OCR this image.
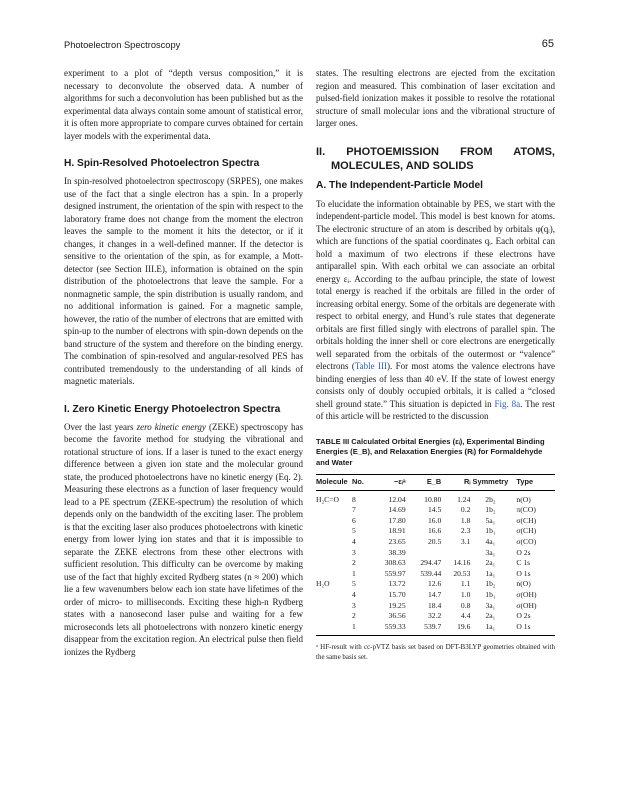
Photoelectron Spectroscopy	65

experiment to a plot of “depth versus composition,” it is necessary to deconvolute the observed data. A number of algorithms for such a deconvolution has been published but as the experimental data always contain some amount of statistical error, it is often more appropriate to compare curves obtained for certain layer models with the experimental data.

H. Spin-Resolved Photoelectron Spectra

In spin-resolved photoelectron spectroscopy (SRPES), one makes use of the fact that a single electron has a spin. In a properly designed instrument, the orientation of the spin with respect to the laboratory frame does not change from the moment the electron leaves the sample to the moment it hits the detector, or if it changes, it changes in a well-defined manner. If the detector is sensitive to the orientation of the spin, as for example, a Mott-detector (see Section III.E), information is obtained on the spin distribution of the photoelectrons that leave the sample. For a nonmagnetic sample, the spin distribution is usually random, and no additional information is gained. For a magnetic sample, however, the ratio of the number of electrons that are emitted with spin-up to the number of electrons with spin-down depends on the band structure of the system and therefore on the binding energy. The combination of spin-resolved and angular-resolved PES has contributed tremendously to the understanding of all kinds of magnetic materials.

I. Zero Kinetic Energy Photoelectron Spectra

Over the last years zero kinetic energy (ZEKE) spectroscopy has become the favorite method for studying the vibrational and rotational structure of ions. If a laser is tuned to the exact energy difference between a given ion state and the molecular ground state, the produced photoelectrons have no kinetic energy (Eq. 2). Measuring these electrons as a function of laser frequency would lead to a PE spectrum (ZEKE-spectrum) the resolution of which depends only on the bandwidth of the exciting laser. The problem is that the exciting laser also produces photoelectrons with kinetic energy from lower lying ion states and that it is impossible to separate the ZEKE electrons from these other electrons with sufficient resolution. This difficulty can be overcome by making use of the fact that highly excited Rydberg states (n ≈ 200) which lie a few wavenumbers below each ion state have lifetimes of the order of micro- to milliseconds. Exciting these high-n Rydberg states with a nanosecond laser pulse and waiting for a few microseconds lets all photoelectrons with nonzero kinetic energy disappear from the excitation region. An electrical pulse then field ionizes the Rydberg

states. The resulting electrons are ejected from the excitation region and measured. This combination of laser excitation and pulsed-field ionization makes it possible to resolve the rotational structure of small molecular ions and the vibrational structure of larger ones.

II. PHOTOEMISSION FROM ATOMS, MOLECULES, AND SOLIDS
A. The Independent-Particle Model

To elucidate the information obtainable by PES, we start with the independent-particle model. This model is best known for atoms. The electronic structure of an atom is described by orbitals φ(qᵢ), which are functions of the spatial coordinates qᵢ. Each orbital can hold a maximum of two electrons if these electrons have antiparallel spin. With each orbital we can associate an orbital energy εᵢ. According to the aufbau principle, the state of lowest total energy is reached if the orbitals are filled in the order of increasing orbital energy. Some of the orbitals are degenerate with respect to orbital energy, and Hund’s rule states that degenerate orbitals are first filled singly with electrons of parallel spin. The orbitals holding the inner shell or core electrons are energetically well separated from the orbitals of the outermost or “valence” electrons (Table III). For most atoms the valence electrons have binding energies of less than 40 eV. If the state of lowest energy consists only of doubly occupied orbitals, it is called a “closed shell ground state.” This situation is depicted in Fig. 8a. The rest of this article will be restricted to the discussion

TABLE III Calculated Orbital Energies (εᵢ), Experimental Binding Energies (E_B), and Relaxation Energies (Rᵢ) for Formaldehyde and Water
Molecule	No.	−εᵢᵃ	E_B	Rᵢ	Symmetry	Type
H₂C=O	8	12.04	10.80	1.24	2b₂	n(O)
	7	14.69	14.5	0.2	1b₂	π(CO)
	6	17.80	16.0	1.8	5a₁	σ(CH)
	5	18.91	16.6	2.3	1b₁	σ(CH)
	4	23.65	20.5	3.1	4a₁	σ(CO)
	3	38.39			3a₁	O 2s
	2	308.63	294.47	14.16	2a₁	C 1s
	1	559.97	539.44	20.53	1a₁	O 1s
H₂O	5	13.72	12.6	1.1	1b₂	n(O)
	4	15.70	14.7	1.0	1b₁	σ(OH)
	3	19.25	18.4	0.8	3a₁	σ(OH)
	2	36.56	32.2	4.4	2a₁	O 2s
	1	559.33	539.7	19.6	1a₁	O 1s
ᵃ HF-result with cc-pVTZ basis set based on DFT-B3LYP geometries obtained with the same basis set.
